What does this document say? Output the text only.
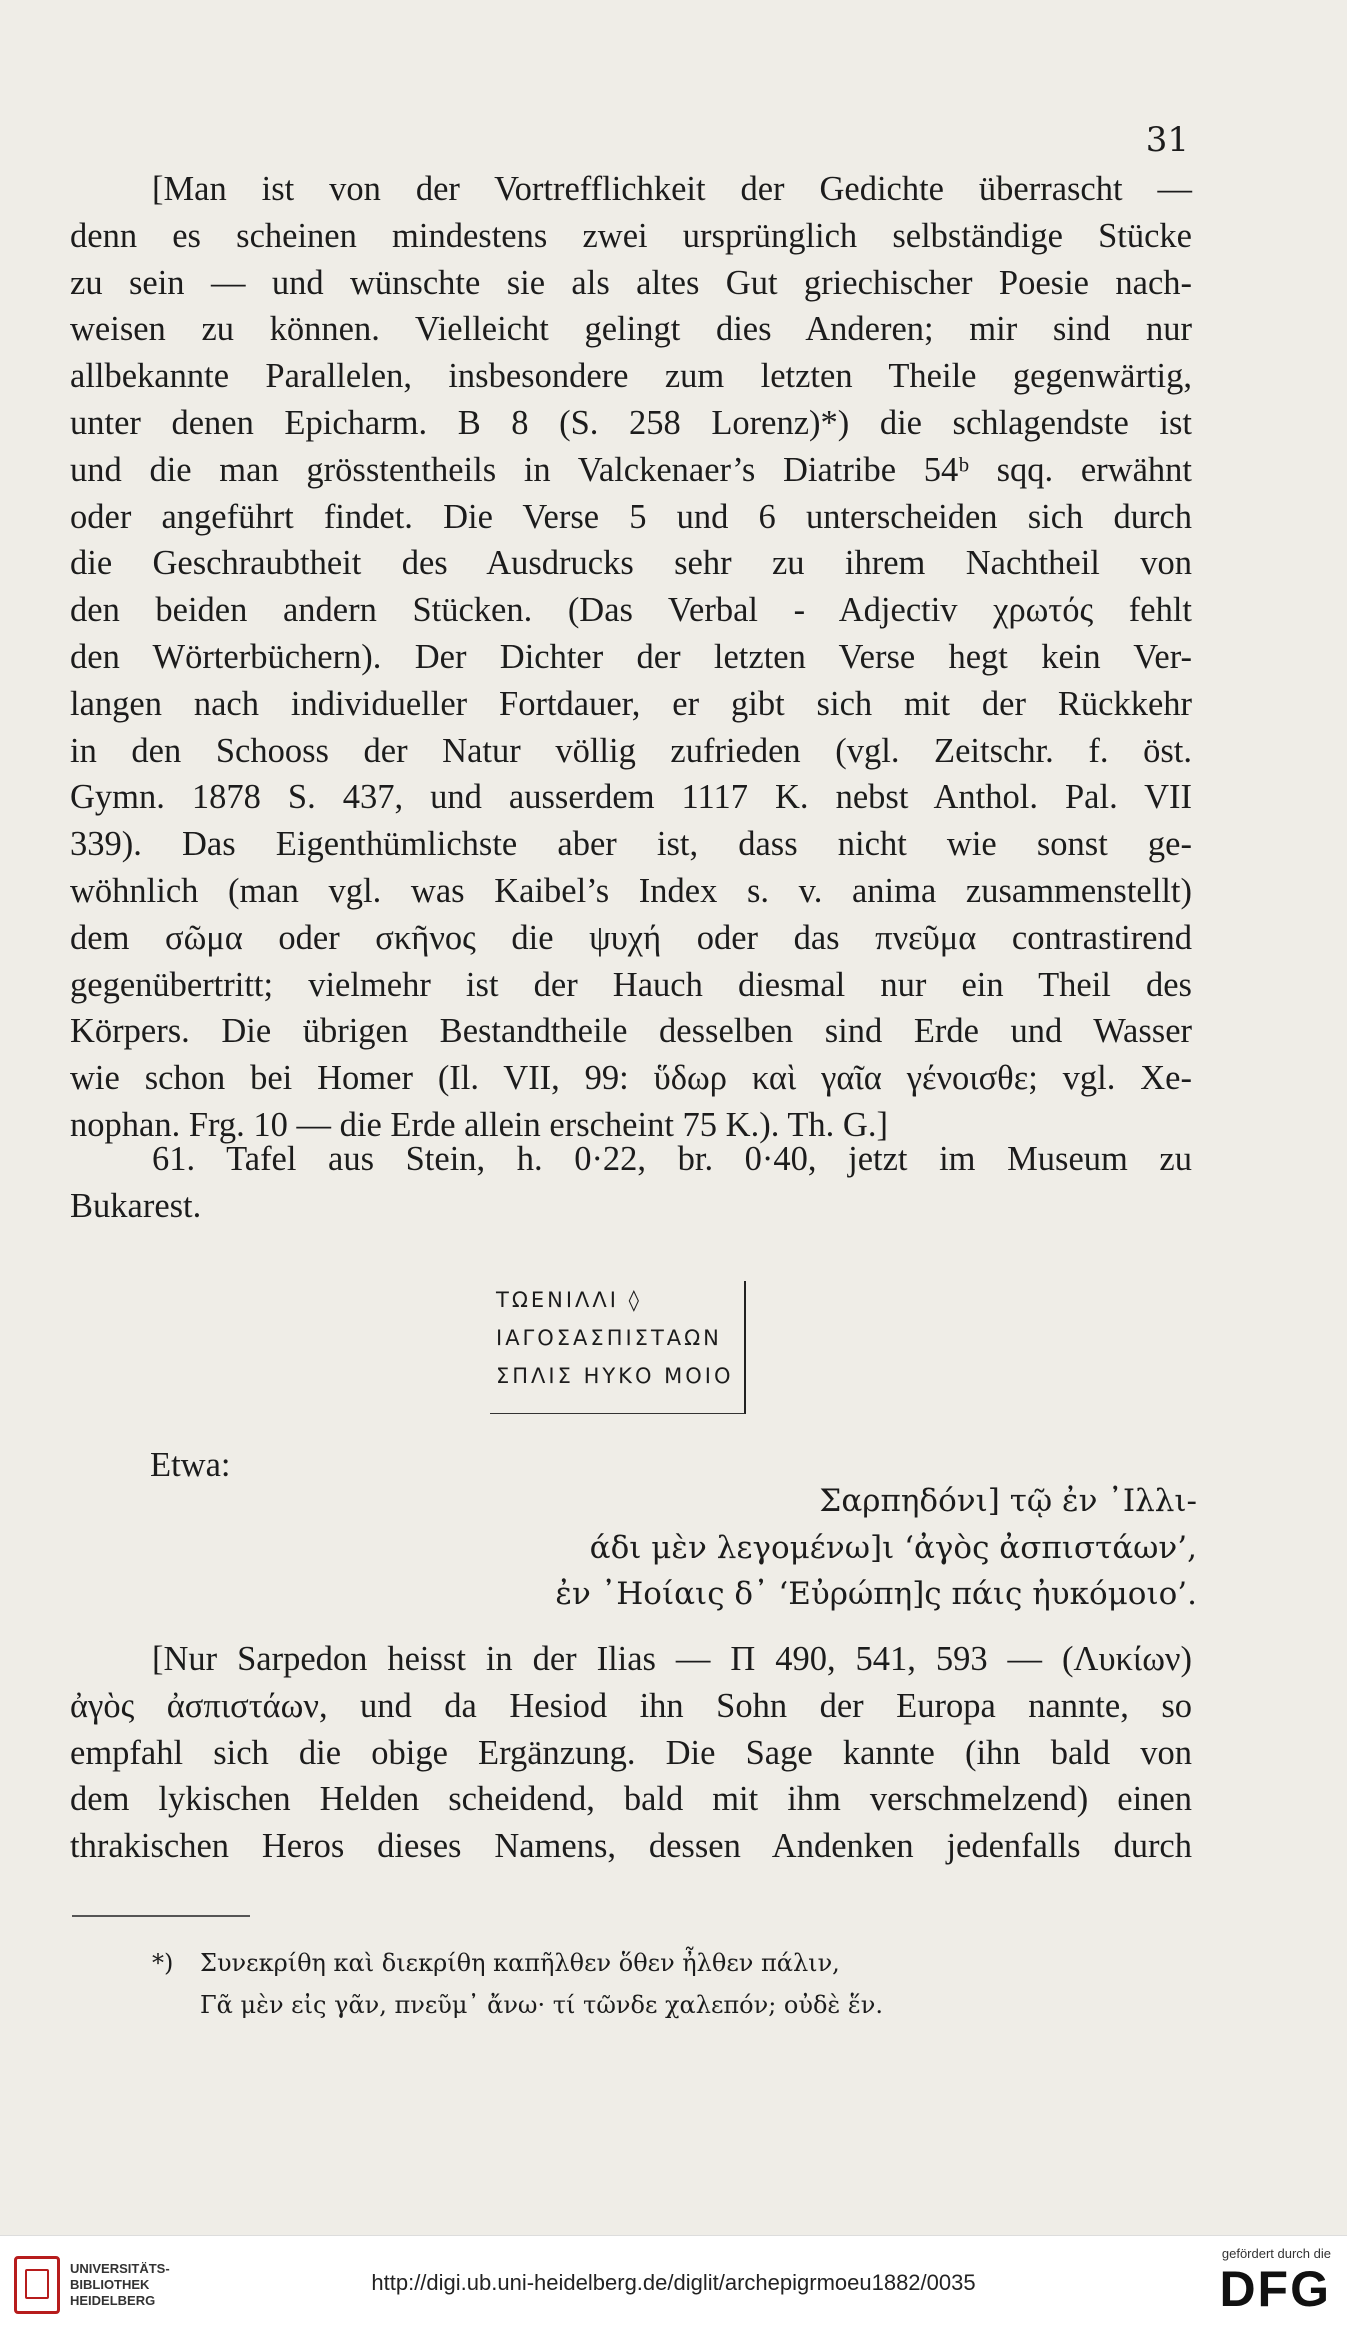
31
[Man ist von der Vortrefflichkeit der Gedichte überrascht —
denn es scheinen mindestens zwei ursprünglich selbständige Stücke
zu sein — und wünschte sie als altes Gut griechischer Poesie nach-
weisen zu können. Vielleicht gelingt dies Anderen; mir sind nur
allbekannte Parallelen, insbesondere zum letzten Theile gegenwärtig,
unter denen Epicharm. B 8 (S. 258 Lorenz)*) die schlagendste ist
und die man grösstentheils in Valckenaer’s Diatribe 54ᵇ sqq. erwähnt
oder angeführt findet. Die Verse 5 und 6 unterscheiden sich durch
die Geschraubtheit des Ausdrucks sehr zu ihrem Nachtheil von
den beiden andern Stücken. (Das Verbal - Adjectiv χρωτός fehlt
den Wörterbüchern). Der Dichter der letzten Verse hegt kein Ver-
langen nach individueller Fortdauer, er gibt sich mit der Rückkehr
in den Schooss der Natur völlig zufrieden (vgl. Zeitschr. f. öst.
Gymn. 1878 S. 437, und ausserdem 1117 K. nebst Anthol. Pal. VII
339). Das Eigenthümlichste aber ist, dass nicht wie sonst ge-
wöhnlich (man vgl. was Kaibel’s Index s. v. anima zusammenstellt)
dem σῶμα oder σκῆνος die ψυχή oder das πνεῦμα contrastirend
gegenübertritt; vielmehr ist der Hauch diesmal nur ein Theil des
Körpers. Die übrigen Bestandtheile desselben sind Erde und Wasser
wie schon bei Homer (Il. VII, 99: ὕδωρ καὶ γαῖα γένοισθε; vgl. Xe-
nophan. Frg. 10 — die Erde allein erscheint 75 K.). Th. G.]
61. Tafel aus Stein, h. 0·22, br. 0·40, jetzt im Museum zu
Bukarest.
ΤΩΕΝΙΛΛΙ ◊
ΙΑΓΟΣΑΣΠΙΣΤΑΩΝ
ΣΠΛΙΣ ΗΥΚΟ ΜΟΙΟ
Etwa:
Σαρπηδόνι] τῷ ἐν ᾿Ιλλι-
άδι μὲν λεγομένω]ι ‘ἀγὸς ἀσπιστάων’,
ἐν ᾿Ηοίαις δ᾿ ‘Εὐρώπη]ς πάις ἠυκόμοιο’.
[Nur Sarpedon heisst in der Ilias — Π 490, 541, 593 — (Λυκίων)
ἀγὸς ἀσπιστάων, und da Hesiod ihn Sohn der Europa nannte, so
empfahl sich die obige Ergänzung. Die Sage kannte (ihn bald von
dem lykischen Helden scheidend, bald mit ihm verschmelzend) einen
thrakischen Heros dieses Namens, dessen Andenken jedenfalls durch
*) Συνεκρίθη καὶ διεκρίθη καπῆλθεν ὅθεν ἦλθεν πάλιν,
Γᾶ μὲν εἰς γᾶν, πνεῦμ᾿ ἄνω· τί τῶνδε χαλεπόν; οὐδὲ ἕν.
UNIVERSITÄTS-
BIBLIOTHEK
HEIDELBERG
http://digi.ub.uni-heidelberg.de/diglit/archepigrmoeu1882/0035
gefördert durch die
DFG
